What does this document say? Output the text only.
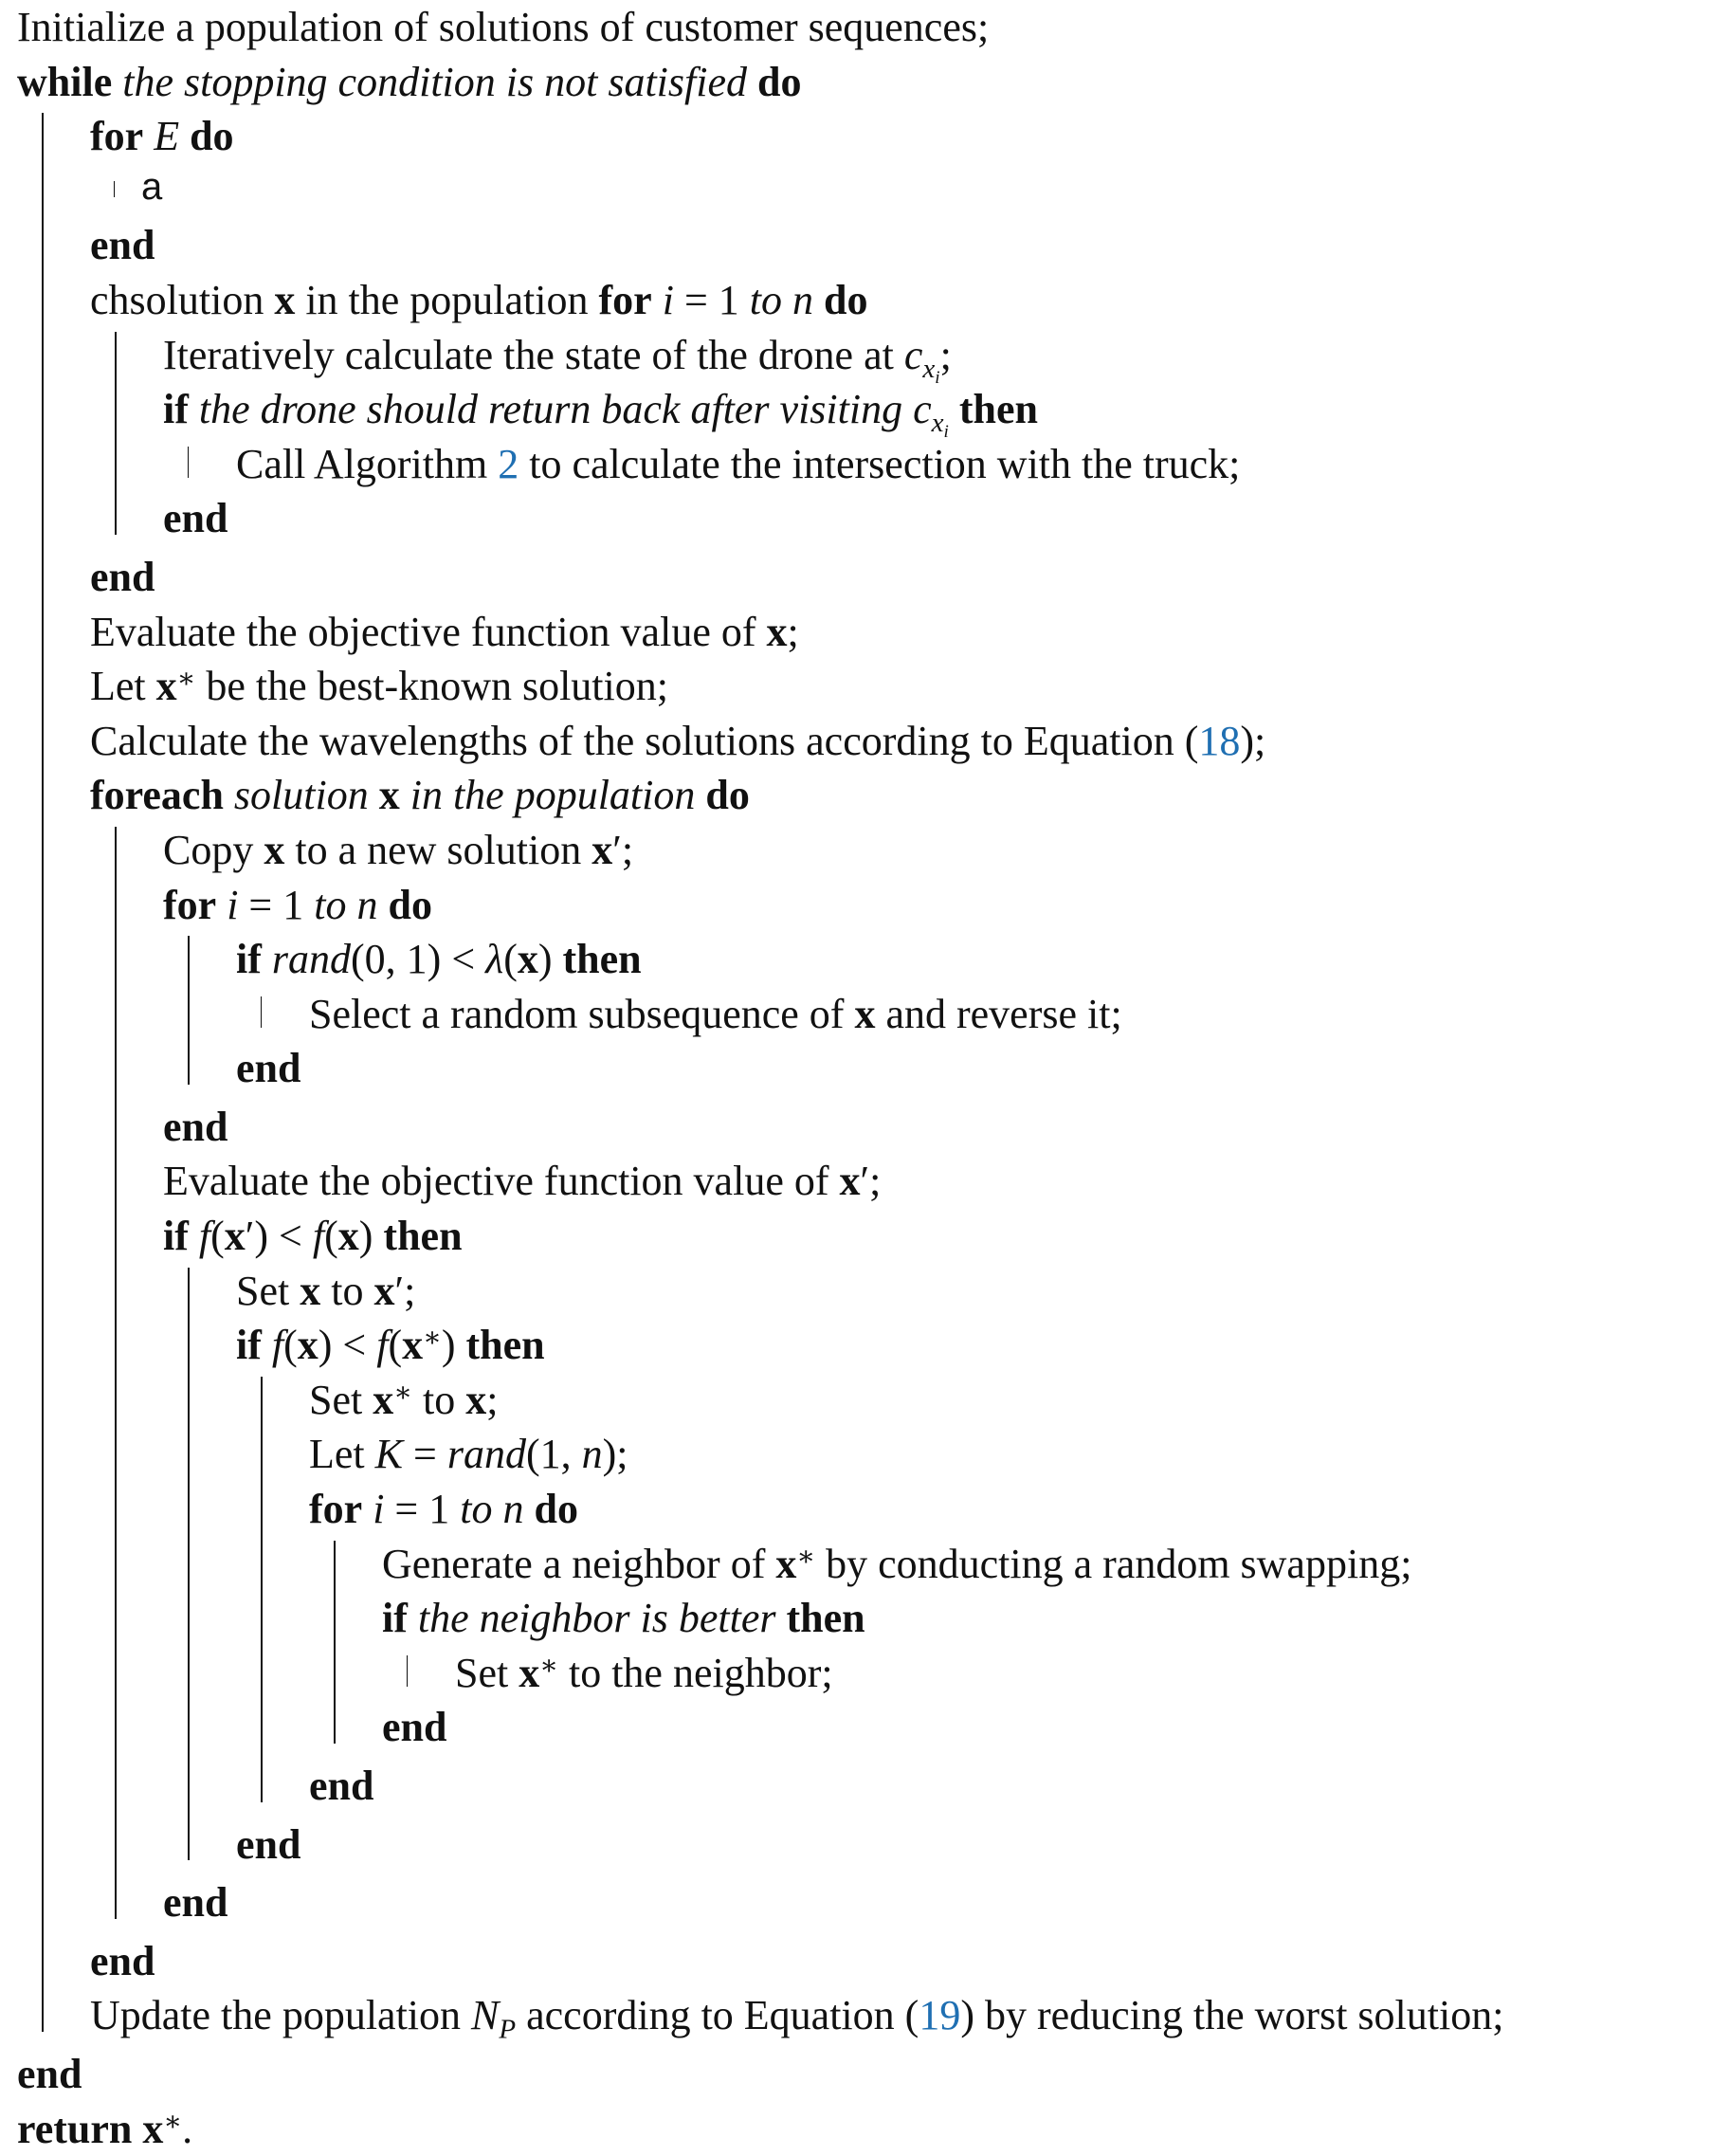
Initialize a population of solutions of customer sequences;
while the stopping condition is not satisfied do
for E do
a
end
chsolution x in the population for i = 1 to n do
Iteratively calculate the state of the drone at $c_{x_i}$;
if the drone should return back after visiting $c_{x_i}$ then
Call Algorithm 2 to calculate the intersection with the truck;
end
end
Evaluate the objective function value of x;
Let x∗ be the best-known solution;
Calculate the wavelengths of the solutions according to Equation (18);
foreach solution x in the population do
Copy x to a new solution x′;
for i = 1 to n do
if rand(0, 1) < λ(x) then
Select a random subsequence of x and reverse it;
end
end
Evaluate the objective function value of x′;
if f(x′) < f(x) then
Set x to x′;
if f(x) < f(x∗) then
Set x∗ to x;
Let K = rand(1, n);
for i = 1 to n do
Generate a neighbor of x∗ by conducting a random swapping;
if the neighbor is better then
Set x∗ to the neighbor;
end
end
end
end
end
Update the population $N_P$ according to Equation (19) by reducing the worst solution;
end
return x∗.
